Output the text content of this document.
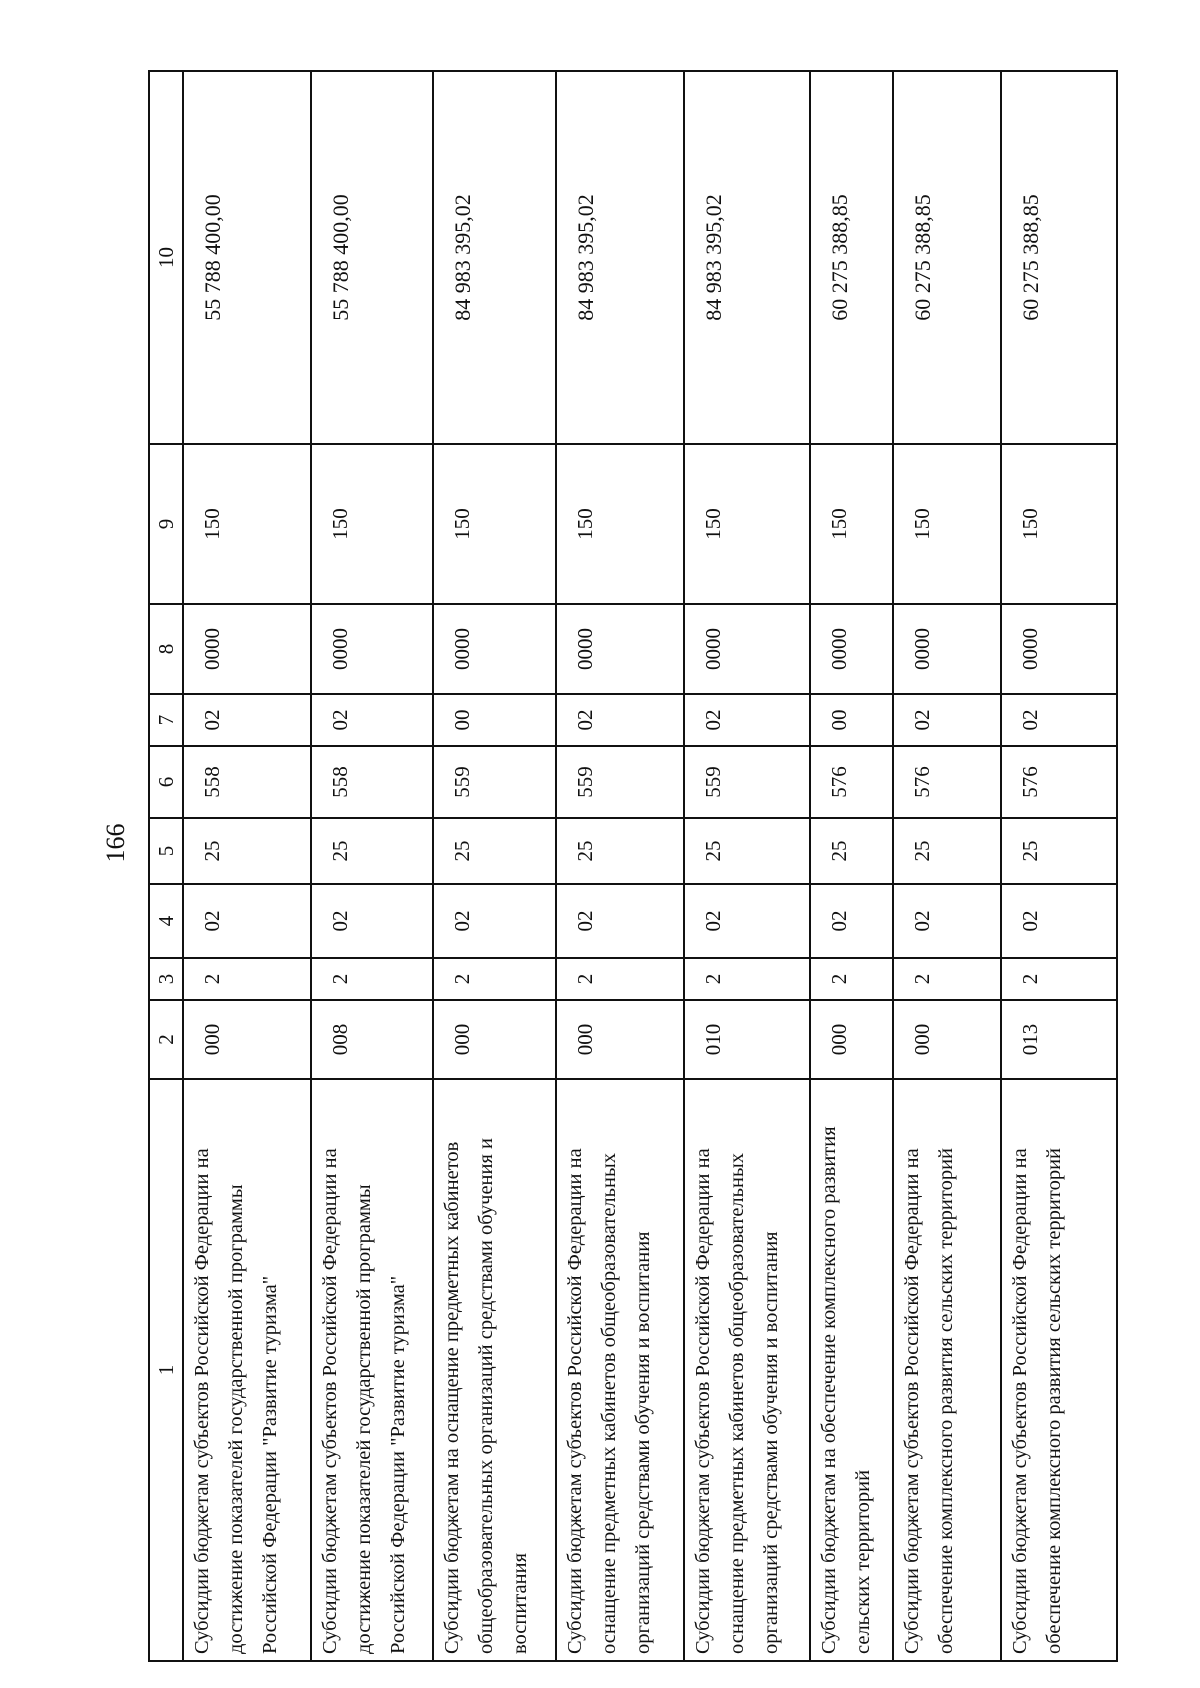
166
1	2	3	4	5	6	7	8	9	10
Субсидии бюджетам субъектов Российской Федерации на достижение показателей государственной программы Российской Федерации "Развитие туризма"	000	2	02	25	558	02	0000	150	55 788 400,00
Субсидии бюджетам субъектов Российской Федерации на достижение показателей государственной программы Российской Федерации "Развитие туризма"	008	2	02	25	558	02	0000	150	55 788 400,00
Субсидии бюджетам на оснащение предметных кабинетов общеобразовательных организаций средствами обучения и воспитания	000	2	02	25	559	00	0000	150	84 983 395,02
Субсидии бюджетам субъектов Российской Федерации на оснащение предметных кабинетов общеобразовательных организаций средствами обучения и воспитания	000	2	02	25	559	02	0000	150	84 983 395,02
Субсидии бюджетам субъектов Российской Федерации на оснащение предметных кабинетов общеобразовательных организаций средствами обучения и воспитания	010	2	02	25	559	02	0000	150	84 983 395,02
Субсидии бюджетам на обеспечение комплексного развития сельских территорий	000	2	02	25	576	00	0000	150	60 275 388,85
Субсидии бюджетам субъектов Российской Федерации на обеспечение комплексного развития сельских территорий	000	2	02	25	576	02	0000	150	60 275 388,85
Субсидии бюджетам субъектов Российской Федерации на обеспечение комплексного развития сельских территорий	013	2	02	25	576	02	0000	150	60 275 388,85
